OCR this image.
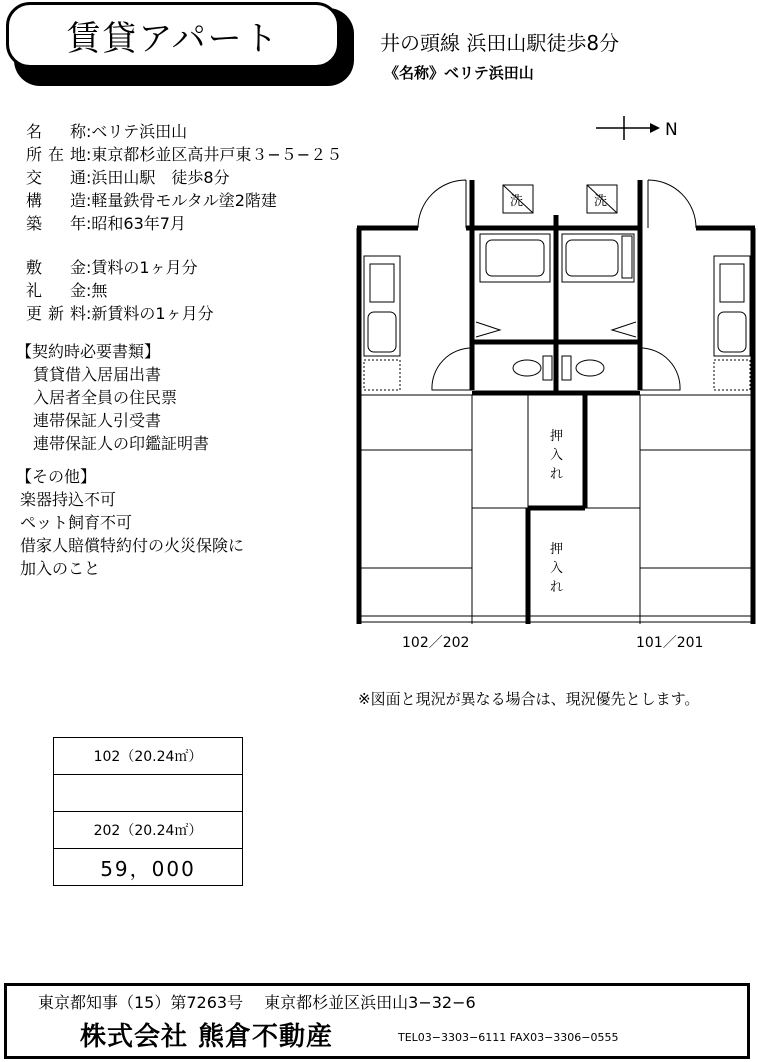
賃貸アパート	井の頭線 浜田山駅徒歩8分
《名称》ベリテ浜田山
名　称:ベリテ浜田山
所在地:東京都杉並区高井戸東３−５−２５
交　通:浜田山駅　徒歩8分
構　造:軽量鉄骨モルタル塗2階建
築　年:昭和63年7月
敷　金:賃料の1ヶ月分
礼　金:無
更新料:新賃料の1ヶ月分
【契約時必要書類】
賃貸借入居届出書
入居者全員の住民票
連帯保証人引受書
連帯保証人の印鑑証明書
【その他】
楽器持込不可
ペット飼育不可
借家人賠償特約付の火災保険に
加入のこと
N
洗	洗
押
入
れ
押
入
れ
102／202	101／201
※図面と現況が異なる場合は、現況優先とします。
102（20.24㎡）

202（20.24㎡）
59，000
東京都知事（15）第7263号　 東京都杉並区浜田山3−32−6
株式会社 熊倉不動産	TEL03−3303−6111 FAX03−3306−0555
